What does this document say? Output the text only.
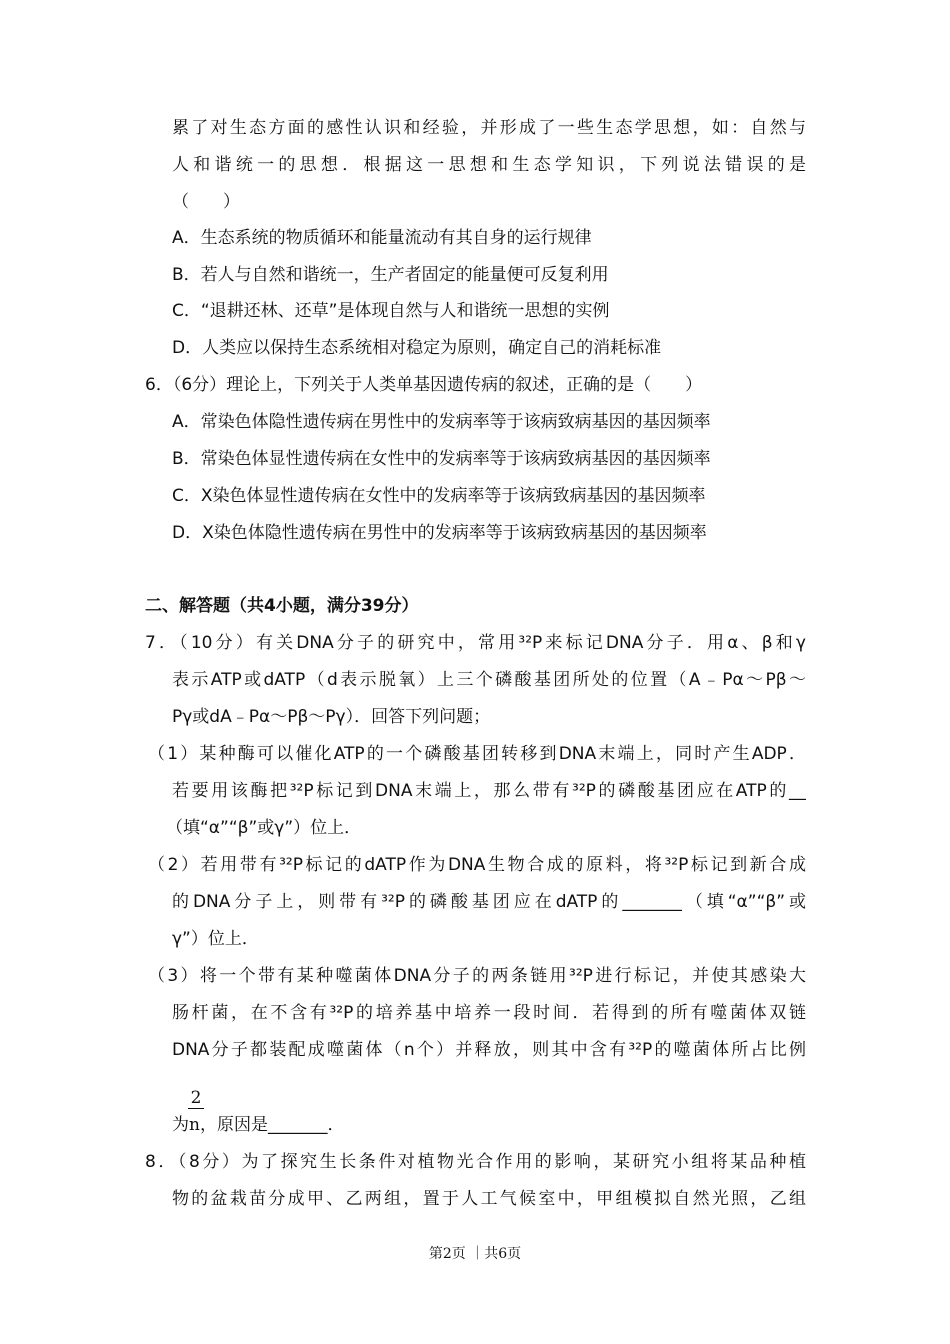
累了对生态方面的感性认识和经验，并形成了一些生态学思想，如：自然与
人和谐统一的思想．根据这一思想和生态学知识，下列说法错误的是
（　　）
A．生态系统的物质循环和能量流动有其自身的运行规律
B．若人与自然和谐统一，生产者固定的能量便可反复利用
C．“退耕还林、还草”是体现自然与人和谐统一思想的实例
D．人类应以保持生态系统相对稳定为原则，确定自己的消耗标准
6．（6分）理论上，下列关于人类单基因遗传病的叙述，正确的是（　　）
A．常染色体隐性遗传病在男性中的发病率等于该病致病基因的基因频率
B．常染色体显性遗传病在女性中的发病率等于该病致病基因的基因频率
C．X染色体显性遗传病在女性中的发病率等于该病致病基因的基因频率
D．X染色体隐性遗传病在男性中的发病率等于该病致病基因的基因频率
二、解答题（共4小题，满分39分）
7．（10分）有关DNA分子的研究中，常用³²P来标记DNA分子．用α、β和γ
表示ATP或dATP（d表示脱氧）上三个磷酸基团所处的位置（A﹣Pα～Pβ～
Pγ或dA﹣Pα～Pβ～Pγ）．回答下列问题；
（1）某种酶可以催化ATP的一个磷酸基团转移到DNA末端上，同时产生ADP．
若要用该酶把³²P标记到DNA末端上，那么带有³²P的磷酸基团应在ATP的__
（填“α”“β”或γ”）位上．
（2）若用带有³²P标记的dATP作为DNA生物合成的原料，将³²P标记到新合成
的DNA分子上，则带有³²P的磷酸基团应在dATP的_______（填“α”“β”或
γ”）位上．
（3）将一个带有某种噬菌体DNA分子的两条链用³²P进行标记，并使其感染大
肠杆菌，在不含有³²P的培养基中培养一段时间．若得到的所有噬菌体双链
DNA分子都装配成噬菌体（n个）并释放，则其中含有³²P的噬菌体所占比例
2
为n，原因是_______．
8．（8分）为了探究生长条件对植物光合作用的影响，某研究小组将某品种植
物的盆栽苗分成甲、乙两组，置于人工气候室中，甲组模拟自然光照，乙组
第2页 ｜共6页
